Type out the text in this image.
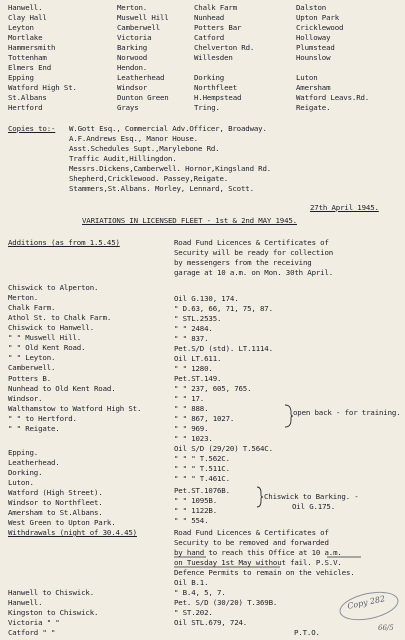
Hanwell.
Clay Hall
Leyton
Mortlake
Hammersmith
Tottenham
Elmers End
Epping
Watford High St.
St.Albans
Hertford
Merton.
Muswell Hill
Camberwell
Victoria
Barking
Norwood
Hendon.
Leatherhead
Windsor
Dunton Green
Grays
Chalk Farm
Nunhead
Potters Bar
Catford
Chelverton Rd.
Willesden
Dorking
Northfleet
H.Hempstead
Tring.
Dalston
Upton Park
Cricklewood
Holloway
Plumstead
Hounslow
Luton
Amersham
Watford Leavs.Rd.
Reigate.
Copies to:- W.Gott Esq., Commercial Adv.Officer, Broadway.
A.F.Andrews Esq., Manor House.
Asst.Schedules Supt.,Marylebone Rd.
Traffic Audit,Hillingdon.
Messrs.Dickens,Camberwell. Hornor,Kingsland Rd.
Shepherd,Cricklewood. Passey,Reigate.
Stammers,St.Albans. Morley, Lennard, Scott.
27th April 1945.
VARIATIONS IN LICENSED FLEET - 1st & 2nd MAY 1945.
Additions (as from 1.5.45)	Road Fund Licences & Certificates of
Security will be ready for collection
by messengers from the receiving
garage at 10 a.m. on Mon. 30th April.
Chiswick to Alperton.
Merton.
Chalk Farm.
Athol St. to Chalk Farm.
Chiswick to Hanwell.
" " Muswell Hill.
" " Old Kent Road.
" " Leyton.
Camberwell.
Potters B.
Nunhead to Old Kent Road.
Windsor.
Walthamstow to Watford High St.
" " to Hertford.
" " Reigate.
Epping.
Leatherhead.
Dorking.
Luton.
Watford (High Street).
Windsor to Northfleet.
Amersham to St.Albans.
West Green to Upton Park.
Oil G.130, 174.
" D.63, 66, 71, 75, 87.
" STL.2535.
" " 2484.
" " 837.
Pet.S/D (std). LT.1114.
Oil LT.611.
" " 1280.
Pet.ST.149.
" " 237, 605, 765.
" " 17.
" " 888.
" " 867, 1027.
" " 969.
" " 1023.
Oil S/D (29/20) T.564C.
" " " T.562C.
" " " T.511C.
" " " T.461C.
Pet.ST.1076B.
" " 1095B.
" " 1122B.
" " 554.
open back - for training.
Chiswick to Barking. -
Oil G.175.
Withdrawals (night of 30.4.45)	Road Fund Licences & Certificates of
Security to be removed and forwarded
by hand to reach this Office at 10 a.m.
on Tuesday 1st May without fail. P.S.V.
Defence Permits to remain on the vehicles.
Hanwell to Chiswick.
Hanwell.
Kingston to Chiswick.
Victoria " "
Catford " "
Oil B.1.
" B.4, 5, 7.
Pet. S/D (30/20) T.369B.
" ST.202.
Oil STL.679, 724.
P.T.O.
Copy 282
66/5
